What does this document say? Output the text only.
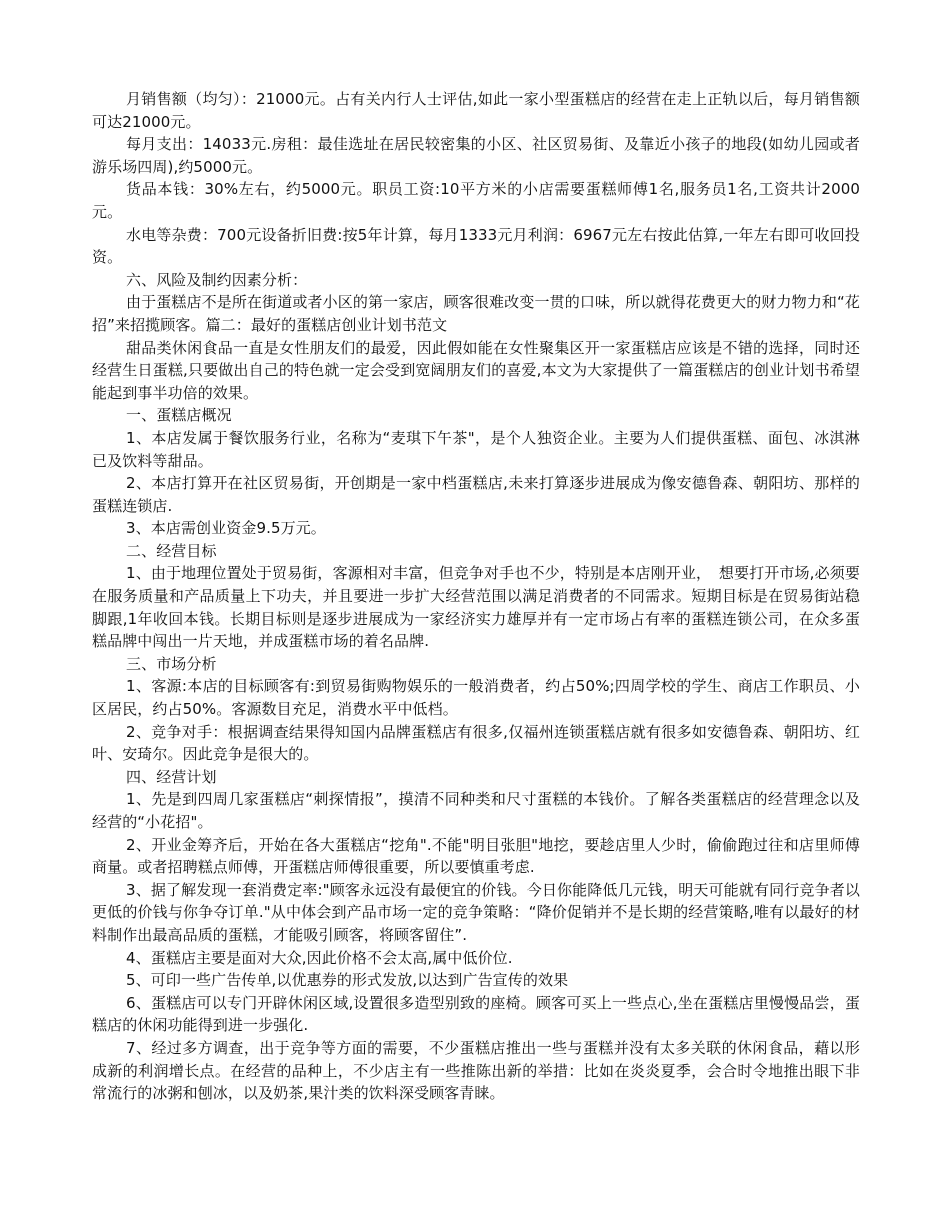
月销售额（均匀）：21000元。占有关内行人士评估,如此一家小型蛋糕店的经营在走上正轨以后，每月销售额可达21000元。

每月支出：14033元.房租：最佳选址在居民较密集的小区、社区贸易街、及靠近小孩子的地段(如幼儿园或者游乐场四周),约5000元。

货品本钱：30%左右，约5000元。职员工资:10平方米的小店需要蛋糕师傅1名,服务员1名,工资共计2000元。

水电等杂费：700元设备折旧费:按5年计算，每月1333元月利润：6967元左右按此估算,一年左右即可收回投资。

六、风险及制约因素分析：

由于蛋糕店不是所在街道或者小区的第一家店，顾客很难改变一贯的口味，所以就得花费更大的财力物力和“花招”来招揽顾客。篇二：最好的蛋糕店创业计划书范文

甜品类休闲食品一直是女性朋友们的最爱，因此假如能在女性聚集区开一家蛋糕店应该是不错的选择，同时还经营生日蛋糕,只要做出自己的特色就一定会受到宽阔朋友们的喜爱,本文为大家提供了一篇蛋糕店的创业计划书希望能起到事半功倍的效果。

一、蛋糕店概况

1、本店发属于餐饮服务行业，名称为“麦琪下午茶"，是个人独资企业。主要为人们提供蛋糕、面包、冰淇淋已及饮料等甜品。

2、本店打算开在社区贸易街，开创期是一家中档蛋糕店,未来打算逐步进展成为像安德鲁森、朝阳坊、那样的蛋糕连锁店.

3、本店需创业资金9.5万元。

二、经营目标

1、由于地理位置处于贸易街，客源相对丰富，但竞争对手也不少，特别是本店刚开业，　想要打开市场,必须要在服务质量和产品质量上下功夫，并且要进一步扩大经营范围以满足消费者的不同需求。短期目标是在贸易街站稳脚跟,1年收回本钱。长期目标则是逐步进展成为一家经济实力雄厚并有一定市场占有率的蛋糕连锁公司，在众多蛋糕品牌中闯出一片天地，并成蛋糕市场的着名品牌.

三、市场分析

1、客源:本店的目标顾客有:到贸易街购物娱乐的一般消费者，约占50%;四周学校的学生、商店工作职员、小区居民，约占50%。客源数目充足，消费水平中低档。

2、竞争对手：根据调查结果得知国内品牌蛋糕店有很多,仅福州连锁蛋糕店就有很多如安德鲁森、朝阳坊、红叶、安琦尔。因此竞争是很大的。

四、经营计划

1、先是到四周几家蛋糕店“刺探情报”，摸清不同种类和尺寸蛋糕的本钱价。了解各类蛋糕店的经营理念以及经营的“小花招"。

2、开业金筹齐后，开始在各大蛋糕店“挖角".不能"明目张胆"地挖，要趁店里人少时，偷偷跑过往和店里师傅商量。或者招聘糕点师傅，开蛋糕店师傅很重要，所以要慎重考虑.

3、据了解发现一套消费定率:"顾客永远没有最便宜的价钱。今日你能降低几元钱，明天可能就有同行竞争者以更低的价钱与你争夺订单."从中体会到产品市场一定的竞争策略：“降价促销并不是长期的经营策略,唯有以最好的材料制作出最高品质的蛋糕，才能吸引顾客，将顾客留住”.

4、蛋糕店主要是面对大众,因此价格不会太高,属中低价位.

5、可印一些广告传单,以优惠券的形式发放,以达到广告宣传的效果

6、蛋糕店可以专门开辟休闲区域,设置很多造型别致的座椅。顾客可买上一些点心,坐在蛋糕店里慢慢品尝，蛋糕店的休闲功能得到进一步强化.

7、经过多方调查，出于竞争等方面的需要，不少蛋糕店推出一些与蛋糕并没有太多关联的休闲食品，藉以形成新的利润增长点。在经营的品种上，不少店主有一些推陈出新的举措：比如在炎炎夏季，会合时令地推出眼下非常流行的冰粥和刨冰，以及奶茶,果汁类的饮料深受顾客青睐。
